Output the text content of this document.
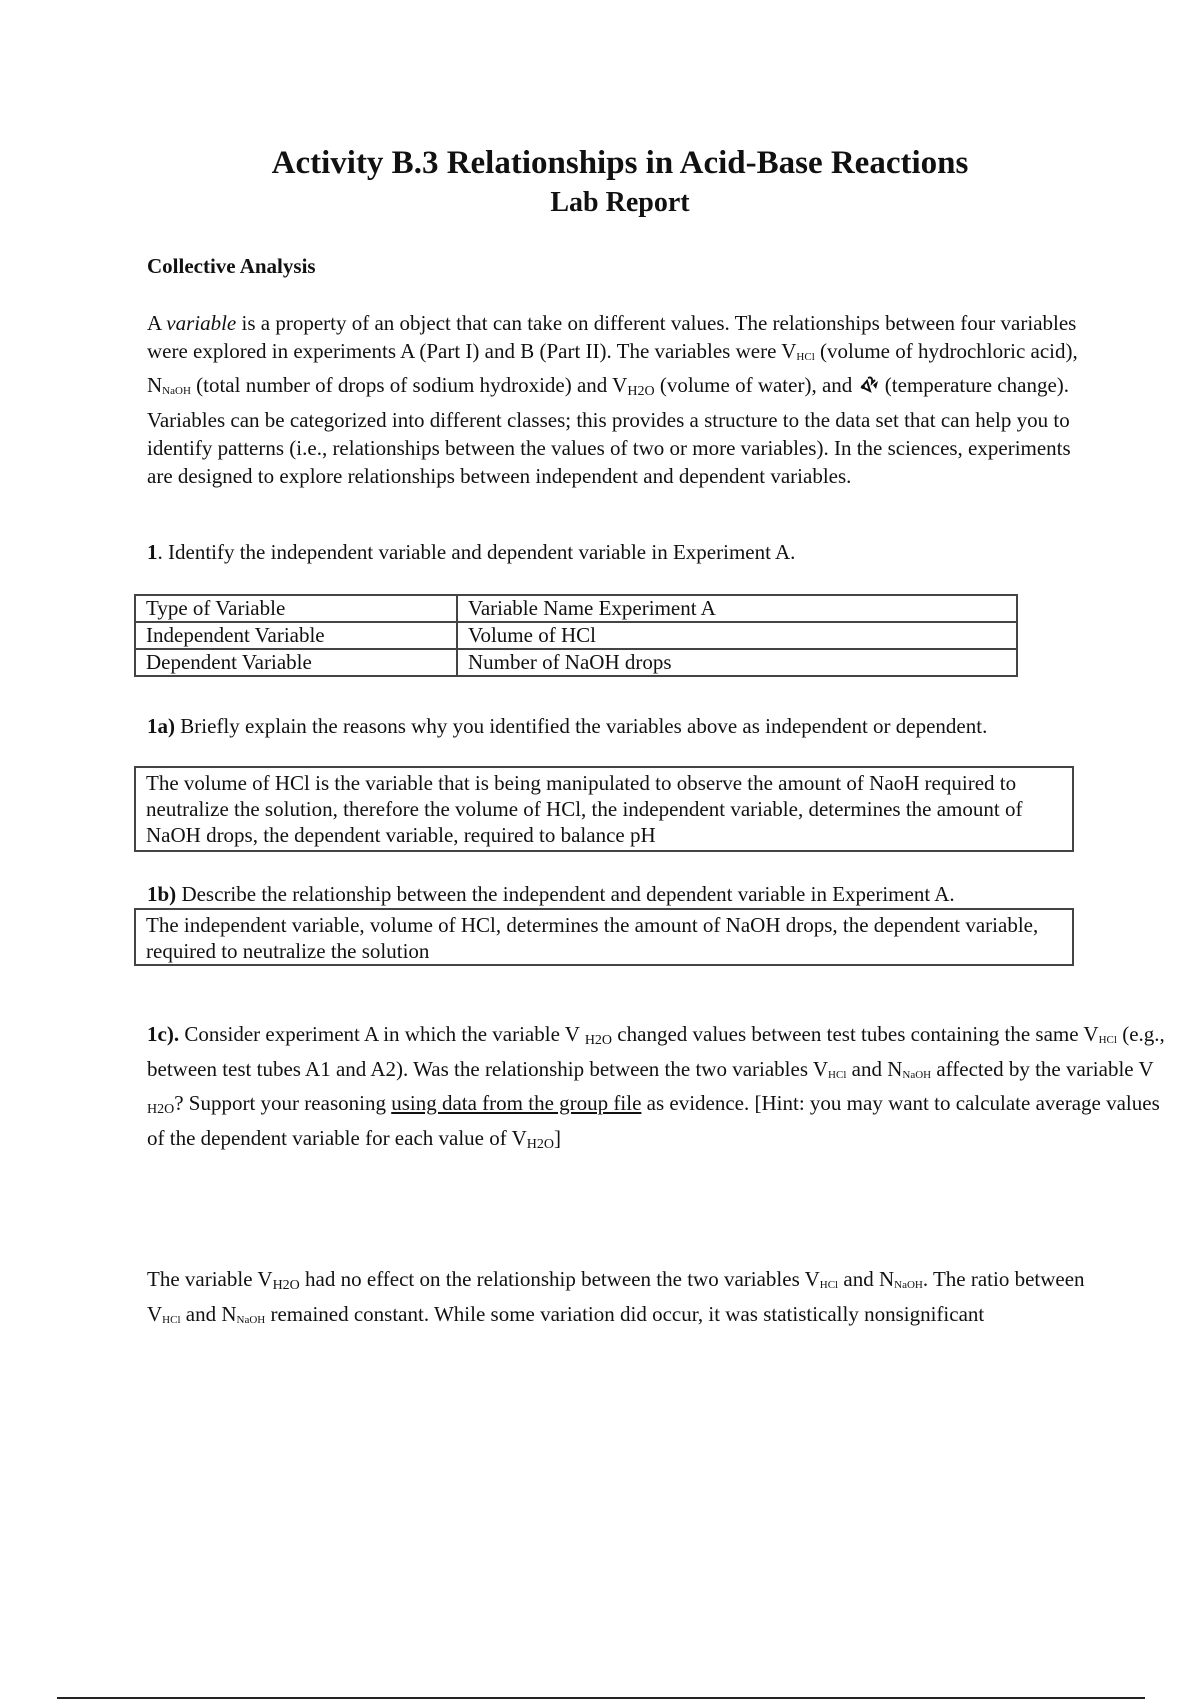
Activity B.3 Relationships in Acid-Base Reactions
Lab Report
Collective Analysis
A variable is a property of an object that can take on different values. The relationships between four variables were explored in experiments A (Part I) and B (Part II). The variables were $V_{HCl}$ (volume of hydrochloric acid), $N_{NaOH}$ (total number of drops of sodium hydroxide) and $V_{H2O}$ (volume of water), and  (temperature change). Variables can be categorized into different classes; this provides a structure to the data set that can help you to identify patterns (i.e., relationships between the values of two or more variables). In the sciences, experiments are designed to explore relationships between independent and dependent variables.
1. Identify the independent variable and dependent variable in Experiment A.
Type of Variable	Variable Name Experiment A
Independent Variable	Volume of HCl
Dependent Variable	Number of NaOH drops
1a) Briefly explain the reasons why you identified the variables above as independent or dependent.
The volume of HCl is the variable that is being manipulated to observe the amount of NaoH required to neutralize the solution, therefore the volume of HCl, the independent variable, determines the amount of NaOH drops, the dependent variable, required to balance pH
1b) Describe the relationship between the independent and dependent variable in Experiment A.
The independent variable, volume of HCl, determines the amount of NaOH drops, the dependent variable, required to neutralize the solution
1c). Consider experiment A in which the variable V $_{H2O}$ changed values between test tubes containing the same $V_{HCl}$ (e.g., between test tubes A1 and A2). Was the relationship between the two variables $V_{HCl}$ and $N_{NaOH}$ affected by the variable V $_{H2O}$? Support your reasoning using data from the group file as evidence. [Hint: you may want to calculate average values of the dependent variable for each value of $V_{H2O}$]
The variable $V_{H2O}$ had no effect on the relationship between the two variables $V_{HCl}$ and $N_{NaOH}$. The ratio between $V_{HCl}$ and $N_{NaOH}$ remained constant. While some variation did occur, it was statistically nonsignificant
